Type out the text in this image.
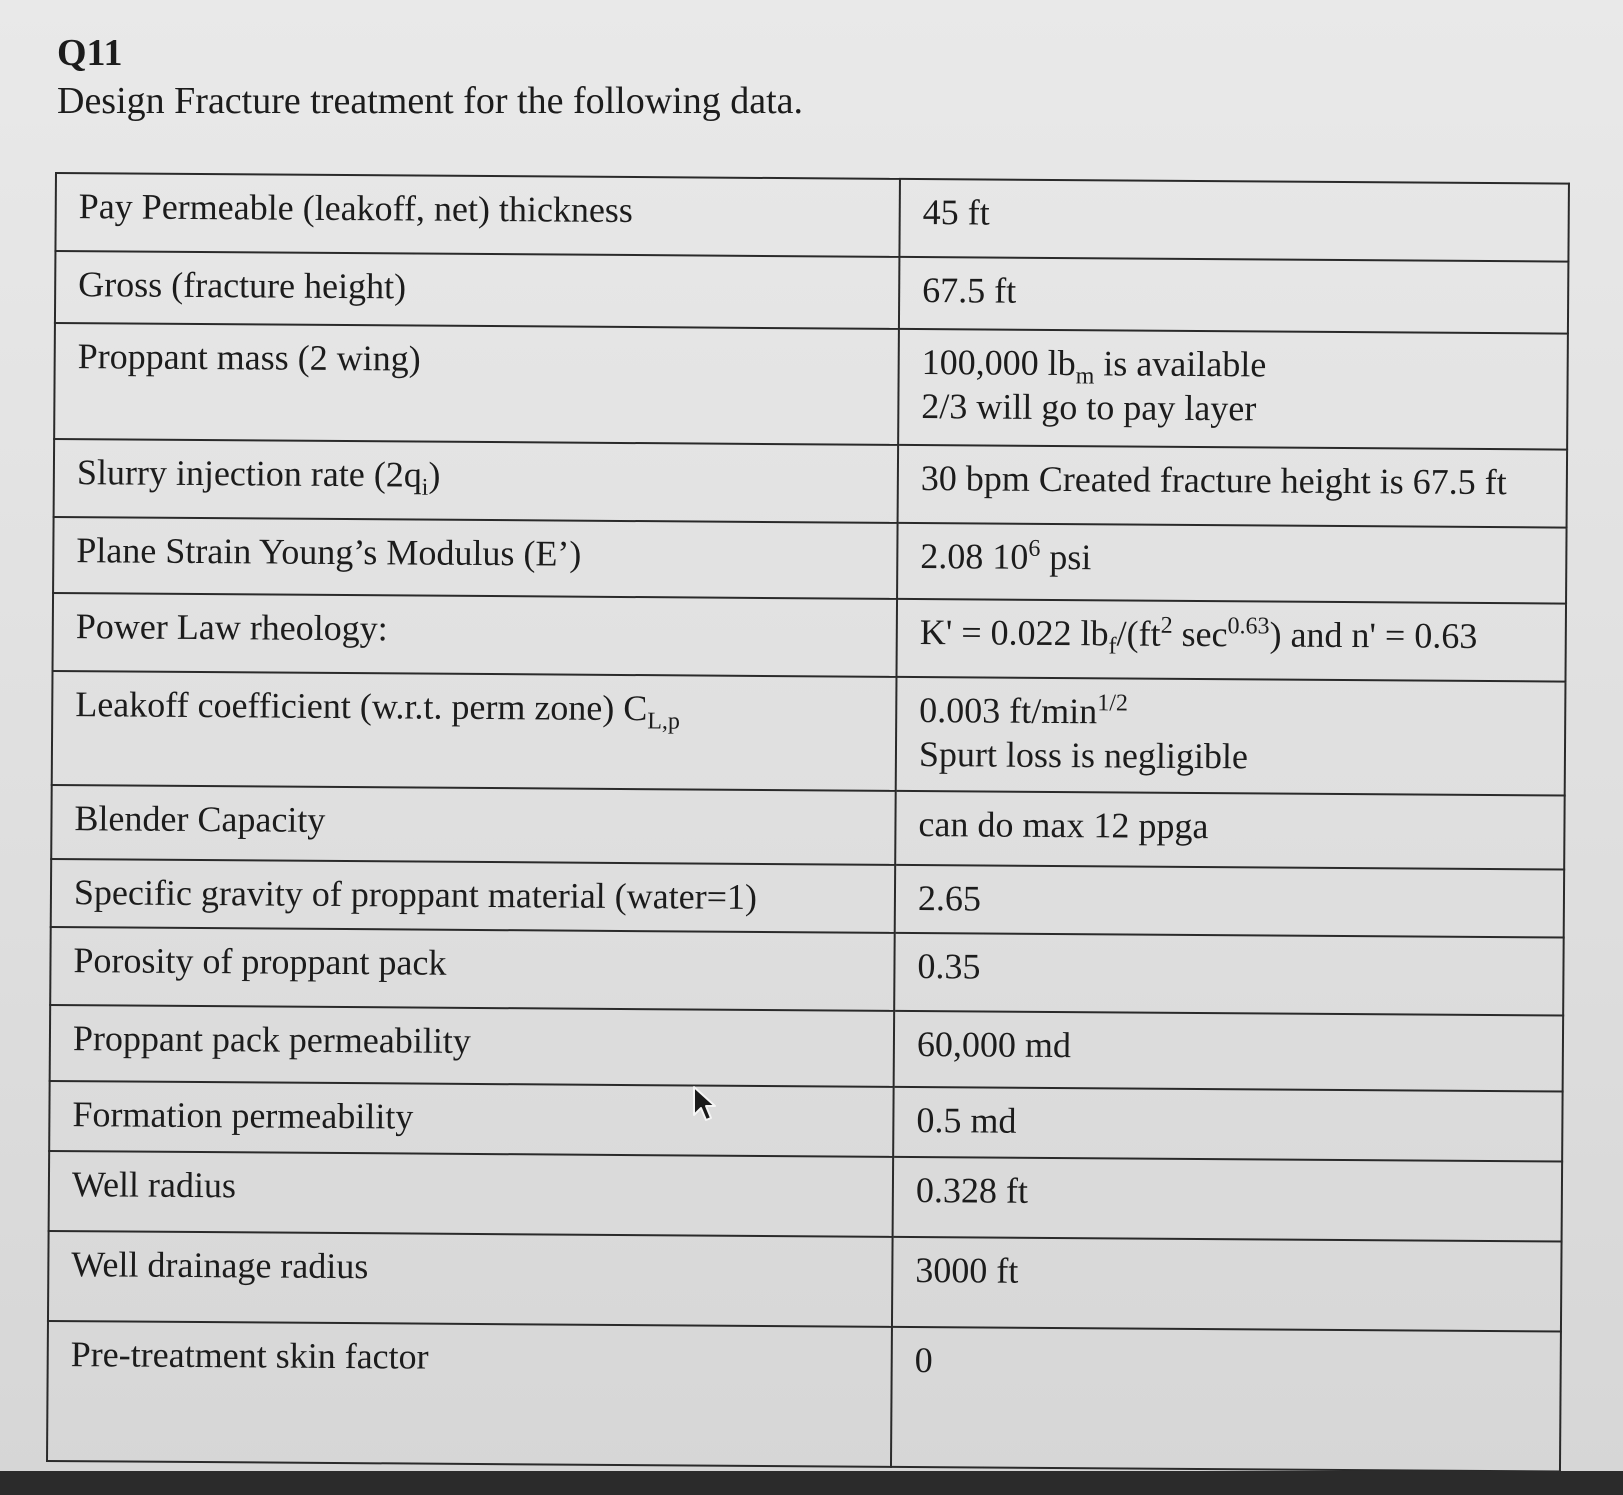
Q11
Design Fracture treatment for the following data.
Pay Permeable (leakoff, net) thickness	45 ft
Gross (fracture height)	67.5 ft
Proppant mass (2 wing)	100,000 $lb_m$ is available
2/3 will go to pay layer

Slurry injection rate $(2q_i)$	30 bpm Created fracture height is 67.5 ft
Plane Strain Young’s Modulus (E’)	2.08 $10^6$ psi
Power Law rheology:	K' = 0.022 $lb_f/(ft^2$ $\sec^{0.63}$) and n' = 0.63
Leakoff coefficient (w.r.t. perm zone) $C_{L,p}$	0.003 $ft/\min^{1/2}$
Spurt loss is negligible

Blender Capacity	can do max 12 ppga
Specific gravity of proppant material (water=1)	2.65
Porosity of proppant pack	0.35
Proppant pack permeability	60,000 md
Formation permeability	0.5 md
Well radius	0.328 ft
Well drainage radius	3000 ft
Pre-treatment skin factor	0
